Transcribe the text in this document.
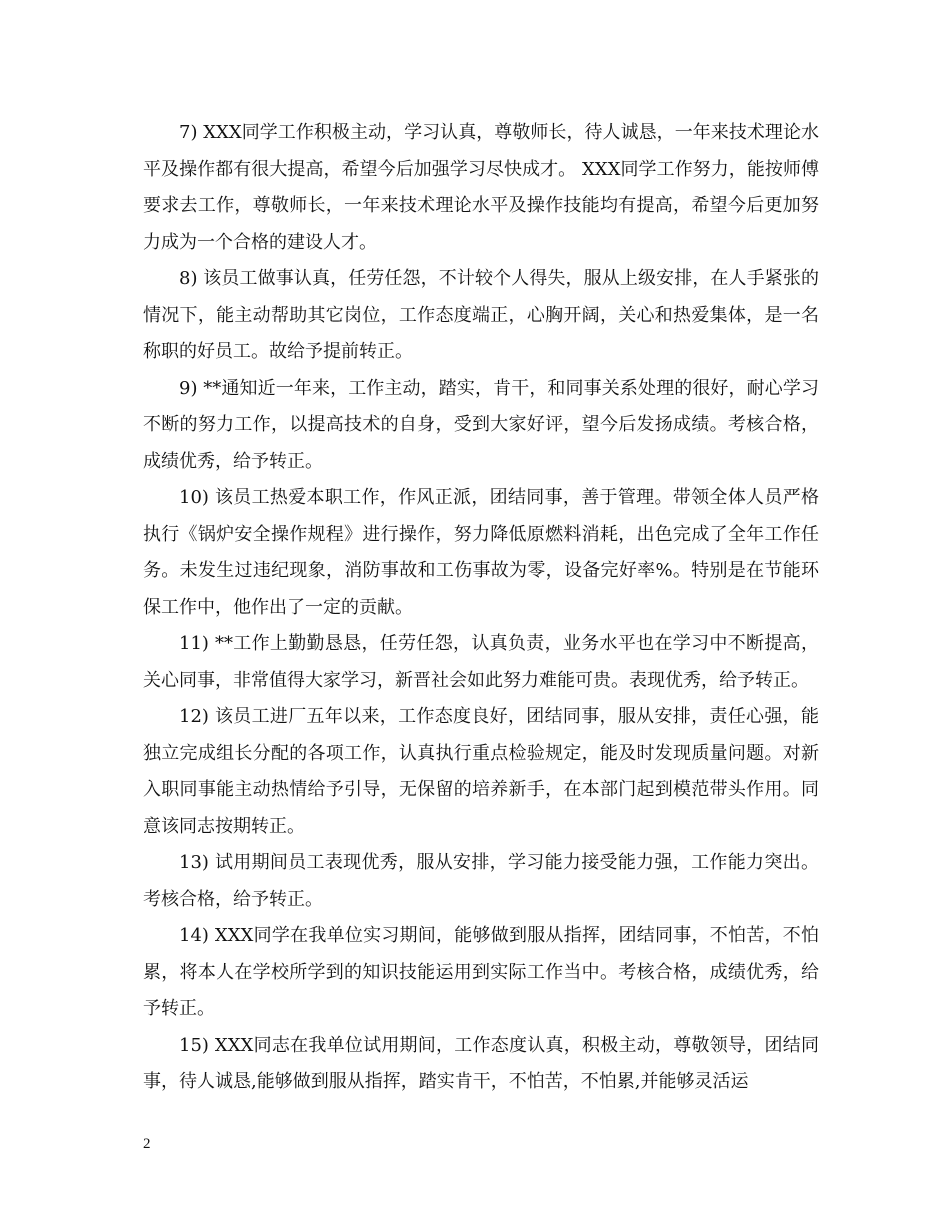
7) XXX同学工作积极主动，学习认真，尊敬师长，待人诚恳，一年来技术理论水平及操作都有很大提高，希望今后加强学习尽快成才。 XXX同学工作努力，能按师傅要求去工作，尊敬师长，一年来技术理论水平及操作技能均有提高，希望今后更加努力成为一个合格的建设人才。

8) 该员工做事认真，任劳任怨，不计较个人得失，服从上级安排，在人手紧张的情况下，能主动帮助其它岗位，工作态度端正，心胸开阔，关心和热爱集体，是一名称职的好员工。故给予提前转正。

9) **通知近一年来，工作主动，踏实，肯干，和同事关系处理的很好，耐心学习不断的努力工作，以提高技术的自身，受到大家好评，望今后发扬成绩。考核合格，成绩优秀，给予转正。

10) 该员工热爱本职工作，作风正派，团结同事，善于管理。带领全体人员严格执行《锅炉安全操作规程》进行操作，努力降低原燃料消耗，出色完成了全年工作任务。未发生过违纪现象，消防事故和工伤事故为零，设备完好率%。特别是在节能环保工作中，他作出了一定的贡献。

11) **工作上勤勤恳恳，任劳任怨，认真负责，业务水平也在学习中不断提高，关心同事，非常值得大家学习，新晋社会如此努力难能可贵。表现优秀，给予转正。

12) 该员工进厂五年以来，工作态度良好，团结同事，服从安排，责任心强，能独立完成组长分配的各项工作，认真执行重点检验规定，能及时发现质量问题。对新入职同事能主动热情给予引导，无保留的培养新手，在本部门起到模范带头作用。同意该同志按期转正。

13) 试用期间员工表现优秀，服从安排，学习能力接受能力强，工作能力突出。考核合格，给予转正。

14) XXX同学在我单位实习期间，能够做到服从指挥，团结同事，不怕苦，不怕累，将本人在学校所学到的知识技能运用到实际工作当中。考核合格，成绩优秀，给予转正。

15) XXX同志在我单位试用期间，工作态度认真，积极主动，尊敬领导，团结同事，待人诚恳,能够做到服从指挥，踏实肯干，不怕苦，不怕累,并能够灵活运

2
